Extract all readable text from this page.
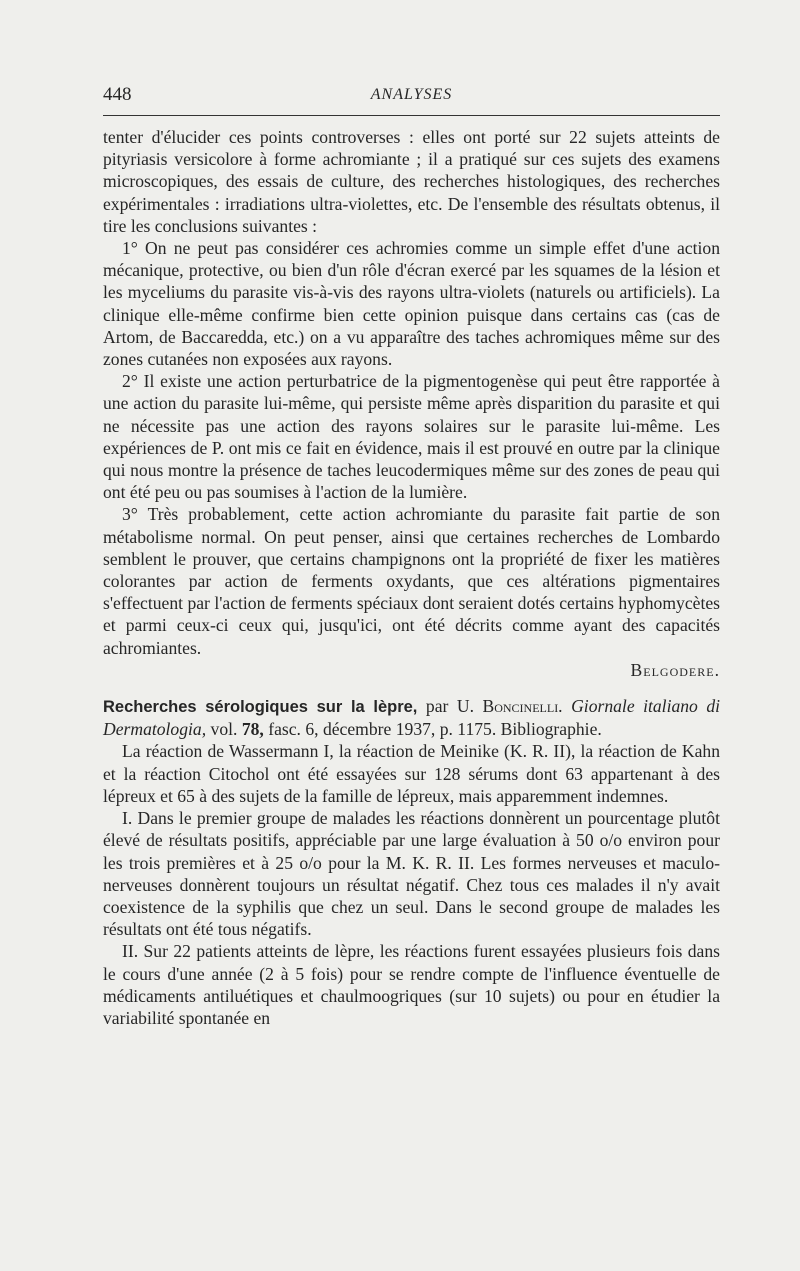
448	ANALYSES

tenter d'élucider ces points controverses : elles ont porté sur 22 sujets atteints de pityriasis versicolore à forme achromiante ; il a pratiqué sur ces sujets des examens microscopiques, des essais de culture, des recherches histologiques, des recherches expérimentales : irradiations ultra-violettes, etc. De l'ensemble des résultats obtenus, il tire les conclusions suivantes :

1° On ne peut pas considérer ces achromies comme un simple effet d'une action mécanique, protective, ou bien d'un rôle d'écran exercé par les squames de la lésion et les myceliums du parasite vis-à-vis des rayons ultra-violets (naturels ou artificiels). La clinique elle-même confirme bien cette opinion puisque dans certains cas (cas de Artom, de Baccaredda, etc.) on a vu apparaître des taches achromiques même sur des zones cutanées non exposées aux rayons.

2° Il existe une action perturbatrice de la pigmentogenèse qui peut être rapportée à une action du parasite lui-même, qui persiste même après disparition du parasite et qui ne nécessite pas une action des rayons solaires sur le parasite lui-même. Les expériences de P. ont mis ce fait en évidence, mais il est prouvé en outre par la clinique qui nous montre la présence de taches leucodermiques même sur des zones de peau qui ont été peu ou pas soumises à l'action de la lumière.

3° Très probablement, cette action achromiante du parasite fait partie de son métabolisme normal. On peut penser, ainsi que certaines recherches de Lombardo semblent le prouver, que certains champignons ont la propriété de fixer les matières colorantes par action de ferments oxydants, que ces altérations pigmentaires s'effectuent par l'action de ferments spéciaux dont seraient dotés certains hyphomycètes et parmi ceux-ci ceux qui, jusqu'ici, ont été décrits comme ayant des capacités achromiantes.

Belgodere.

Recherches sérologiques sur la lèpre, par U. Boncinelli. Giornale italiano di Dermatologia, vol. 78, fasc. 6, décembre 1937, p. 1175. Bibliographie.

La réaction de Wassermann I, la réaction de Meinike (K. R. II), la réaction de Kahn et la réaction Citochol ont été essayées sur 128 sérums dont 63 appartenant à des lépreux et 65 à des sujets de la famille de lépreux, mais apparemment indemnes.

I. Dans le premier groupe de malades les réactions donnèrent un pourcentage plutôt élevé de résultats positifs, appréciable par une large évaluation à 50 o/o environ pour les trois premières et à 25 o/o pour la M. K. R. II. Les formes nerveuses et maculo-nerveuses donnèrent toujours un résultat négatif. Chez tous ces malades il n'y avait coexistence de la syphilis que chez un seul. Dans le second groupe de malades les résultats ont été tous négatifs.

II. Sur 22 patients atteints de lèpre, les réactions furent essayées plusieurs fois dans le cours d'une année (2 à 5 fois) pour se rendre compte de l'influence éventuelle de médicaments antiluétiques et chaulmoogriques (sur 10 sujets) ou pour en étudier la variabilité spontanée en
